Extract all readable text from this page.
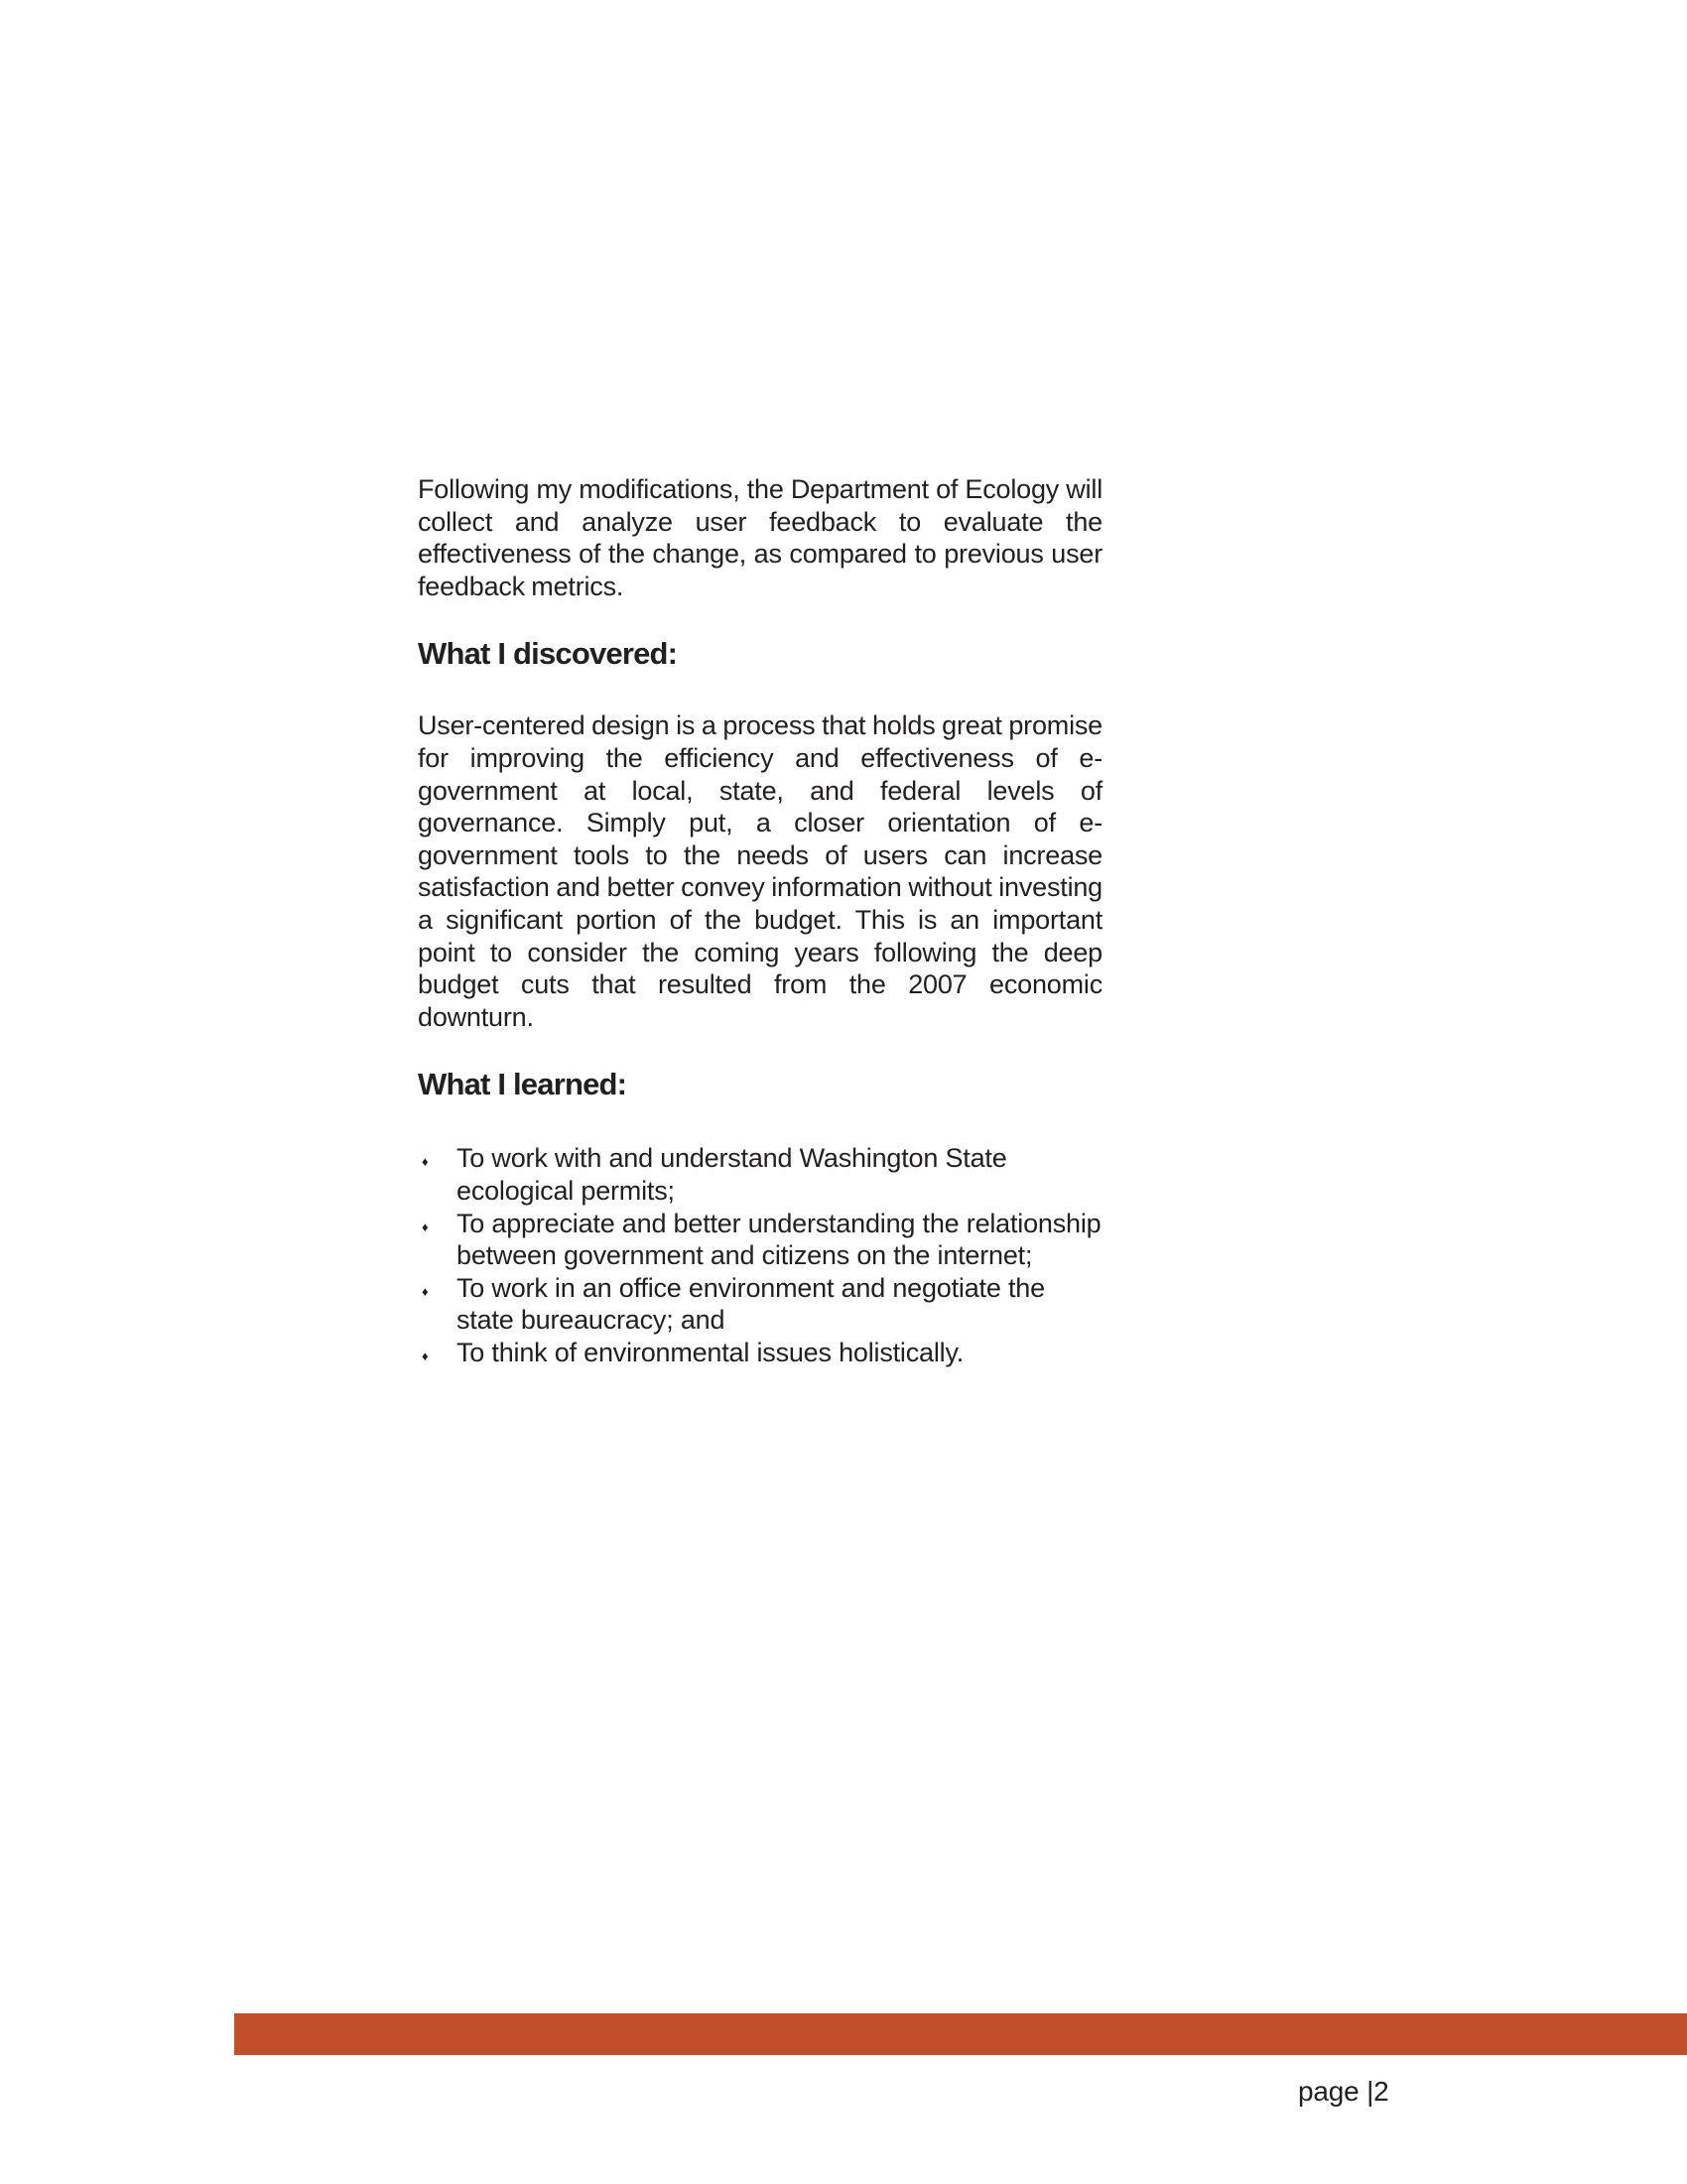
Following my modifications, the Department of Ecology will collect and analyze user feedback to evaluate the effectiveness of the change, as compared to previous user feedback metrics.

What I discovered:

User-centered design is a process that holds great promise for improving the efficiency and effectiveness of e-government at local, state, and federal levels of governance. Simply put, a closer orientation of e-government tools to the needs of users can increase satisfaction and better convey information without investing a significant portion of the budget. This is an important point to consider the coming years following the deep budget cuts that resulted from the 2007 economic downturn.

What I learned:
♦ To work with and understand Washington State ecological permits;
♦ To appreciate and better understanding the relationship between government and citizens on the internet;
♦ To work in an office environment and negotiate the state bureaucracy; and
♦ To think of environmental issues holistically.
page |2
